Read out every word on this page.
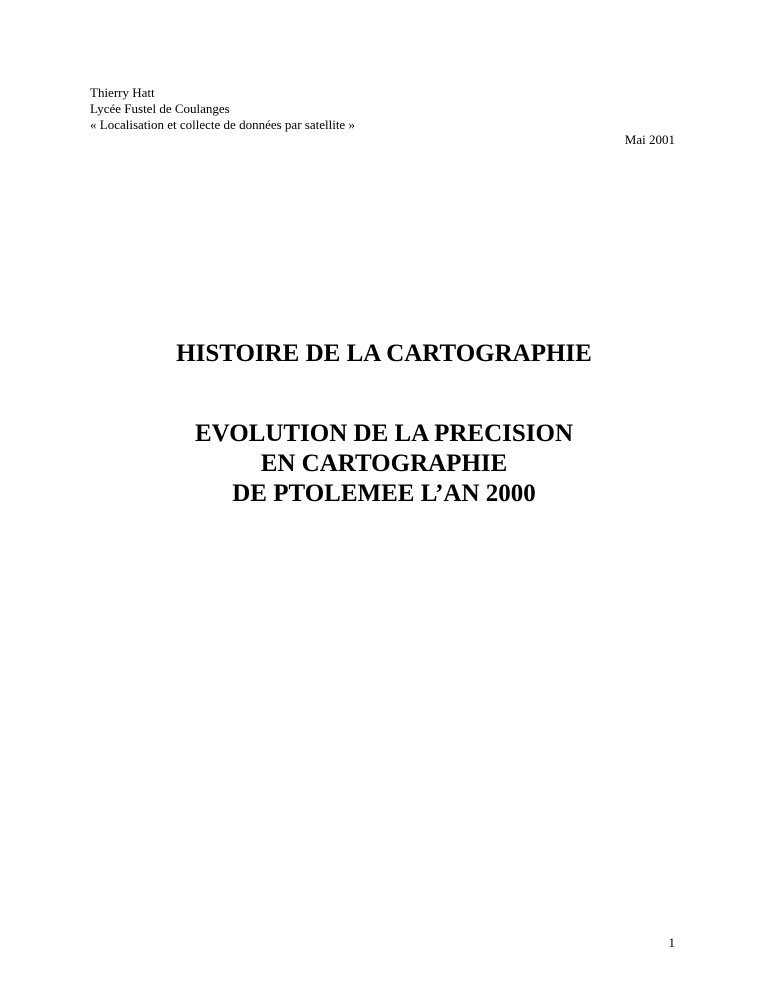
Thierry Hatt
Lycée Fustel de Coulanges
« Localisation et collecte de données par satellite »
Mai 2001
HISTOIRE DE LA CARTOGRAPHIE
EVOLUTION DE LA PRECISION
EN CARTOGRAPHIE
DE PTOLEMEE L’AN 2000
1
